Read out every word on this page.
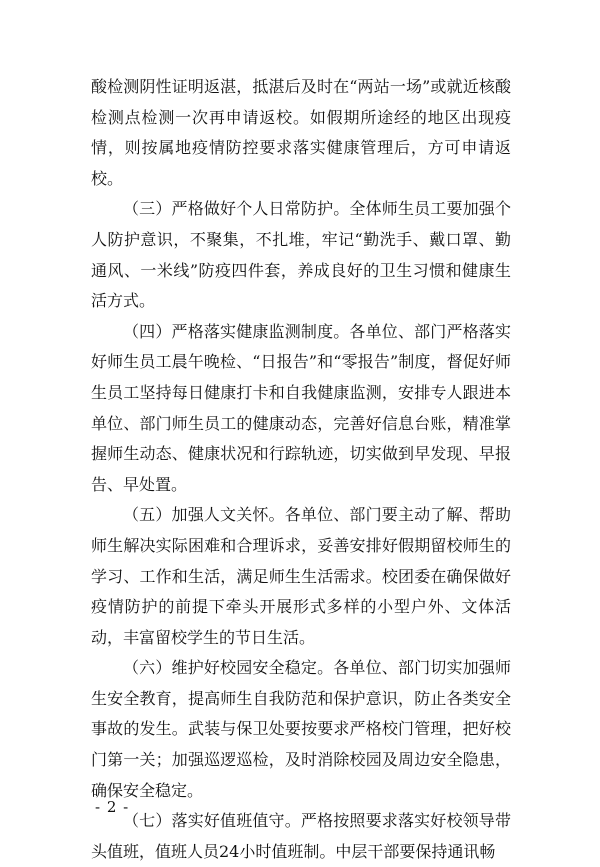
酸检测阴性证明返湛，抵湛后及时在“两站一场”或就近核酸检测点检测一次再申请返校。如假期所途经的地区出现疫情，则按属地疫情防控要求落实健康管理后，方可申请返校。

（三）严格做好个人日常防护。全体师生员工要加强个人防护意识，不聚集，不扎堆，牢记“勤洗手、戴口罩、勤通风、一米线”防疫四件套，养成良好的卫生习惯和健康生活方式。

（四）严格落实健康监测制度。各单位、部门严格落实好师生员工晨午晚检、“日报告”和“零报告”制度，督促好师生员工坚持每日健康打卡和自我健康监测，安排专人跟进本单位、部门师生员工的健康动态，完善好信息台账，精准掌握师生动态、健康状况和行踪轨迹，切实做到早发现、早报告、早处置。

（五）加强人文关怀。各单位、部门要主动了解、帮助师生解决实际困难和合理诉求，妥善安排好假期留校师生的学习、工作和生活，满足师生生活需求。校团委在确保做好疫情防护的前提下牵头开展形式多样的小型户外、文体活动，丰富留校学生的节日生活。

（六）维护好校园安全稳定。各单位、部门切实加强师生安全教育，提高师生自我防范和保护意识，防止各类安全事故的发生。武装与保卫处要按要求严格校门管理，把好校门第一关；加强巡逻巡检，及时消除校园及周边安全隐患，确保安全稳定。

（七）落实好值班值守。严格按照要求落实好校领导带头值班，值班人员24小时值班制。中层干部要保持通讯畅

- 2 -
